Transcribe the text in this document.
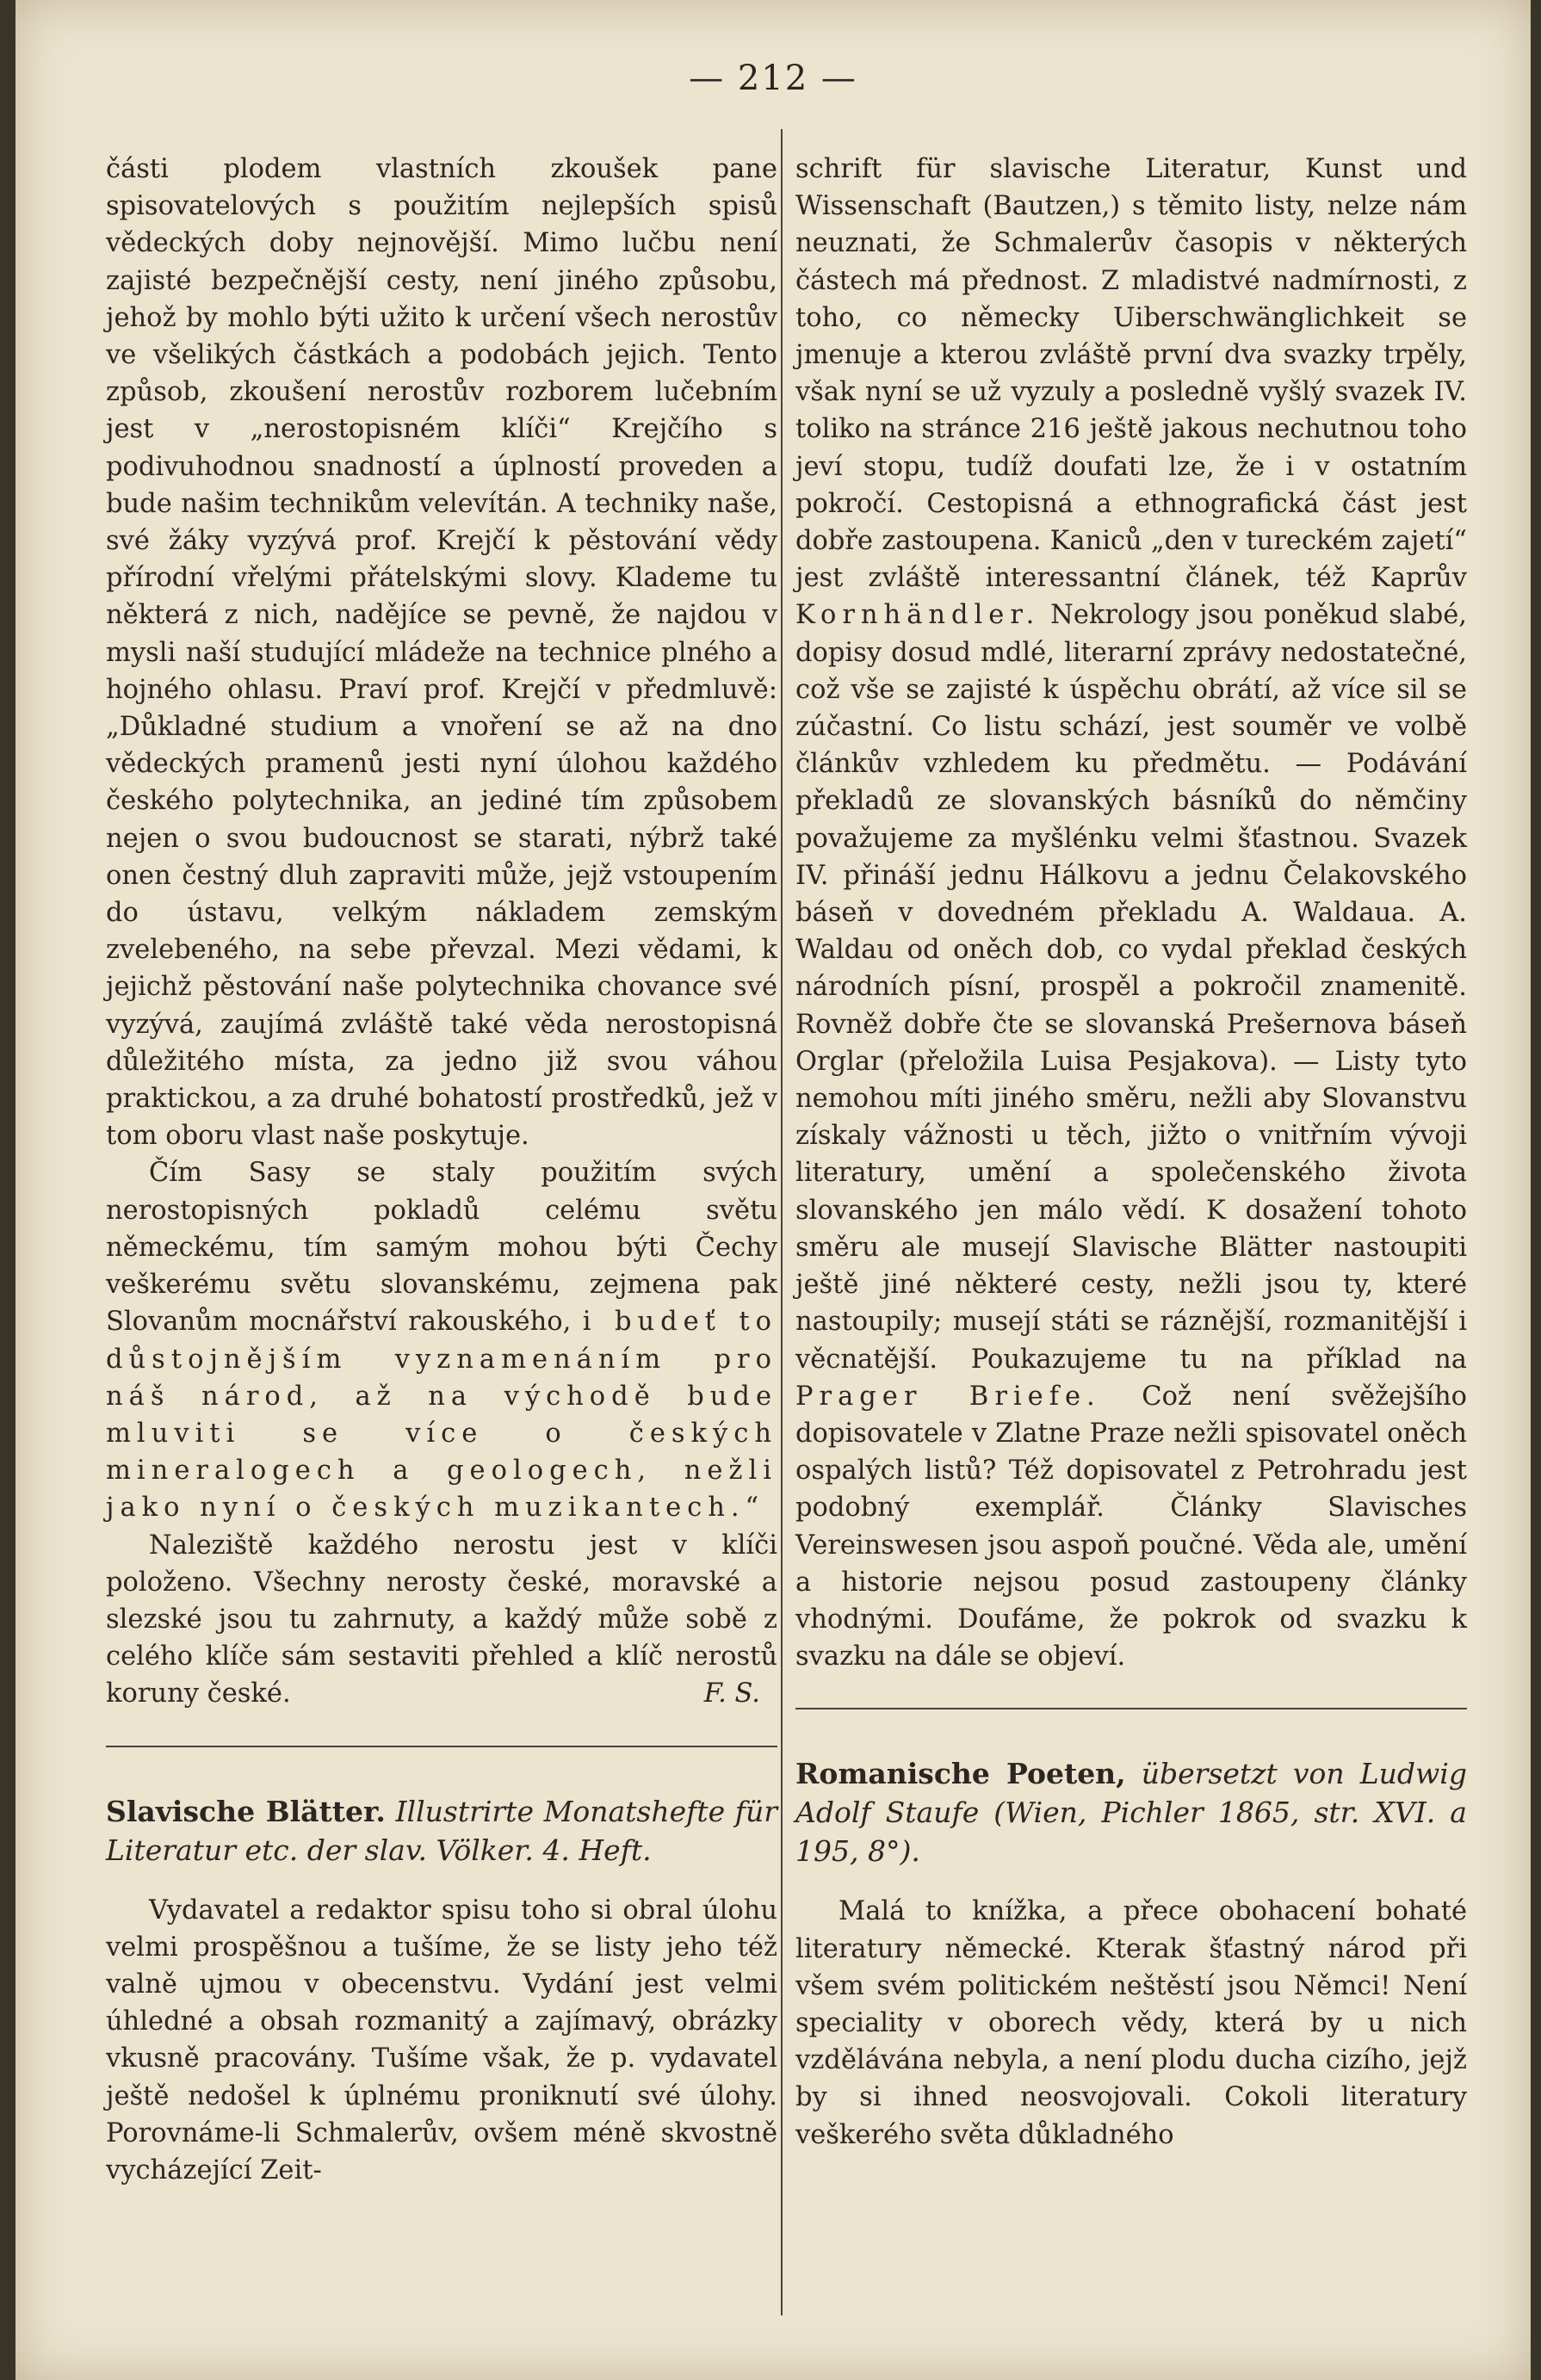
— 212 —

části plodem vlastních zkoušek pane spisovatelových s použitím nejlepších spisů vědeckých doby nejnovější. Mimo lučbu není zajisté bezpečnější cesty, není jiného způsobu, jehož by mohlo býti užito k určení všech nerostův ve všelikých částkách a podobách jejich. Tento způsob, zkoušení nerostův rozborem lučebním jest v „nerostopisném klíči“ Krejčího s podivuhodnou snadností a úplností proveden a bude našim technikům velevítán. A techniky naše, své žáky vyzývá prof. Krejčí k pěstování vědy přírodní vřelými přátelskými slovy. Klademe tu některá z nich, nadějíce se pevně, že najdou v mysli naší studující mládeže na technice plného a hojného ohlasu. Praví prof. Krejčí v předmluvě: „Důkladné studium a vnoření se až na dno vědeckých pramenů jesti nyní úlohou každého českého polytechnika, an jediné tím způsobem nejen o svou budoucnost se starati, nýbrž také onen čestný dluh zapraviti může, jejž vstoupením do ústavu, velkým nákladem zemským zvelebeného, na sebe převzal. Mezi vědami, k jejichž pěstování naše polytechnika chovance své vyzývá, zaujímá zvláště také věda nerostopisná důležitého místa, za jedno již svou váhou praktickou, a za druhé bohatostí prostředků, jež v tom oboru vlast naše poskytuje.

Čím Sasy se staly použitím svých nerostopisných pokladů celému světu německému, tím samým mohou býti Čechy veškerému světu slovanskému, zejmena pak Slovanům mocnářství rakouského, i budeť to důstojnějším vyznamenáním pro náš národ, až na východě bude mluviti se více o českých mineralogech a geologech, nežli jako nyní o českých muzikantech.“

Naleziště každého nerostu jest v klíči položeno. Všechny nerosty české, moravské a slezské jsou tu zahrnuty, a každý může sobě z celého klíče sám sestaviti přehled a klíč nerostů koruny české.	F. S.

Slavische Blätter. Illustrirte Monatshefte für Literatur etc. der slav. Völker. 4. Heft.

Vydavatel a redaktor spisu toho si obral úlohu velmi prospěšnou a tušíme, že se listy jeho též valně ujmou v obecenstvu. Vydání jest velmi úhledné a obsah rozmanitý a zajímavý, obrázky vkusně pracovány. Tušíme však, že p. vydavatel ještě nedošel k úplnému proniknutí své úlohy. Porovnáme-li Schmalerův, ovšem méně skvostně vycházející Zeit-

schrift für slavische Literatur, Kunst und Wissenschaft (Bautzen,) s těmito listy, nelze nám neuznati, že Schmalerův časopis v některých částech má přednost. Z mladistvé nadmírnosti, z toho, co německy Uiberschwänglichkeit se jmenuje a kterou zvláště první dva svazky trpěly, však nyní se už vyzuly a posledně vyšlý svazek IV. toliko na stránce 216 ještě jakous nechutnou toho jeví stopu, tudíž doufati lze, že i v ostatním pokročí. Cestopisná a ethnografická část jest dobře zastoupena. Kaniců „den v tureckém zajetí“ jest zvláště interessantní článek, též Kaprův Kornhändler. Nekrology jsou poněkud slabé, dopisy dosud mdlé, literarní zprávy nedostatečné, což vše se zajisté k úspěchu obrátí, až více sil se zúčastní. Co listu schází, jest souměr ve volbě článkův vzhledem ku předmětu. — Podávání překladů ze slovanských básníků do němčiny považujeme za myšlénku velmi šťastnou. Svazek IV. přináší jednu Hálkovu a jednu Čelakovského báseň v dovedném překladu A. Waldaua. A. Waldau od oněch dob, co vydal překlad českých národních písní, prospěl a pokročil znamenitě. Rovněž dobře čte se slovanská Prešernova báseň Orglar (přeložila Luisa Pesjakova). — Listy tyto nemohou míti jiného směru, nežli aby Slovanstvu získaly vážnosti u těch, jižto o vnitřním vývoji literatury, umění a společenského života slovanského jen málo vědí. K dosažení tohoto směru ale musejí Slavische Blätter nastoupiti ještě jiné některé cesty, nežli jsou ty, které nastoupily; musejí státi se ráznější, rozmanitější i věcnatější. Poukazujeme tu na příklad na Prager Briefe. Což není svěžejšího dopisovatele v Zlatne Praze nežli spisovatel oněch ospalých listů? Též dopisovatel z Petrohradu jest podobný exemplář. Články Slavisches Vereinswesen jsou aspoň poučné. Věda ale, umění a historie nejsou posud zastoupeny články vhodnými. Doufáme, že pokrok od svazku k svazku na dále se objeví.

Romanische Poeten, übersetzt von Ludwig Adolf Staufe (Wien, Pichler 1865, str. XVI. a 195, 8°).

Malá to knížka, a přece obohacení bohaté literatury německé. Kterak šťastný národ při všem svém politickém neštěstí jsou Němci! Není speciality v oborech vědy, která by u nich vzdělávána nebyla, a není plodu ducha cizího, jejž by si ihned neosvojovali. Cokoli literatury veškerého světa důkladného
